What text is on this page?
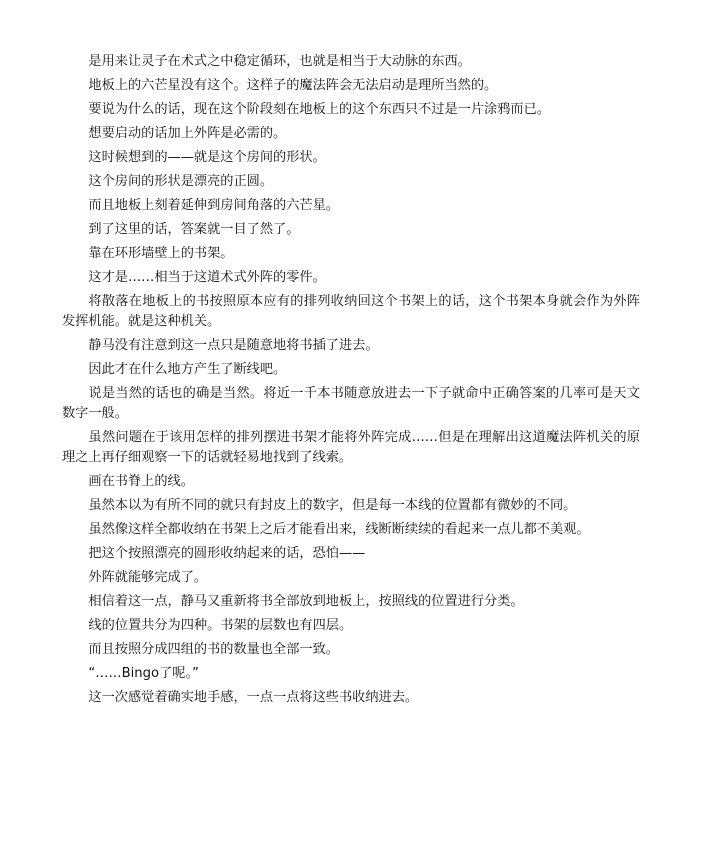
是用来让灵子在术式之中稳定循环，也就是相当于大动脉的东西。

地板上的六芒星没有这个。这样子的魔法阵会无法启动是理所当然的。

要说为什么的话，现在这个阶段刻在地板上的这个东西只不过是一片涂鸦而已。

想要启动的话加上外阵是必需的。

这时候想到的——就是这个房间的形状。

这个房间的形状是漂亮的正圆。

而且地板上刻着延伸到房间角落的六芒星。

到了这里的话，答案就一目了然了。

靠在环形墙壁上的书架。

这才是……相当于这道术式外阵的零件。

将散落在地板上的书按照原本应有的排列收纳回这个书架上的话，这个书架本身就会作为外阵发挥机能。就是这种机关。

静马没有注意到这一点只是随意地将书插了进去。

因此才在什么地方产生了断线吧。

说是当然的话也的确是当然。将近一千本书随意放进去一下子就命中正确答案的几率可是天文数字一般。

虽然问题在于该用怎样的排列摆进书架才能将外阵完成……但是在理解出这道魔法阵机关的原理之上再仔细观察一下的话就轻易地找到了线索。

画在书脊上的线。

虽然本以为有所不同的就只有封皮上的数字，但是每一本线的位置都有微妙的不同。

虽然像这样全都收纳在书架上之后才能看出来，线断断续续的看起来一点儿都不美观。

把这个按照漂亮的圆形收纳起来的话，恐怕——

外阵就能够完成了。

相信着这一点，静马又重新将书全部放到地板上，按照线的位置进行分类。

线的位置共分为四种。书架的层数也有四层。

而且按照分成四组的书的数量也全部一致。

“……Bingo了呢。”

这一次感觉着确实地手感，一点一点将这些书收纳进去。
